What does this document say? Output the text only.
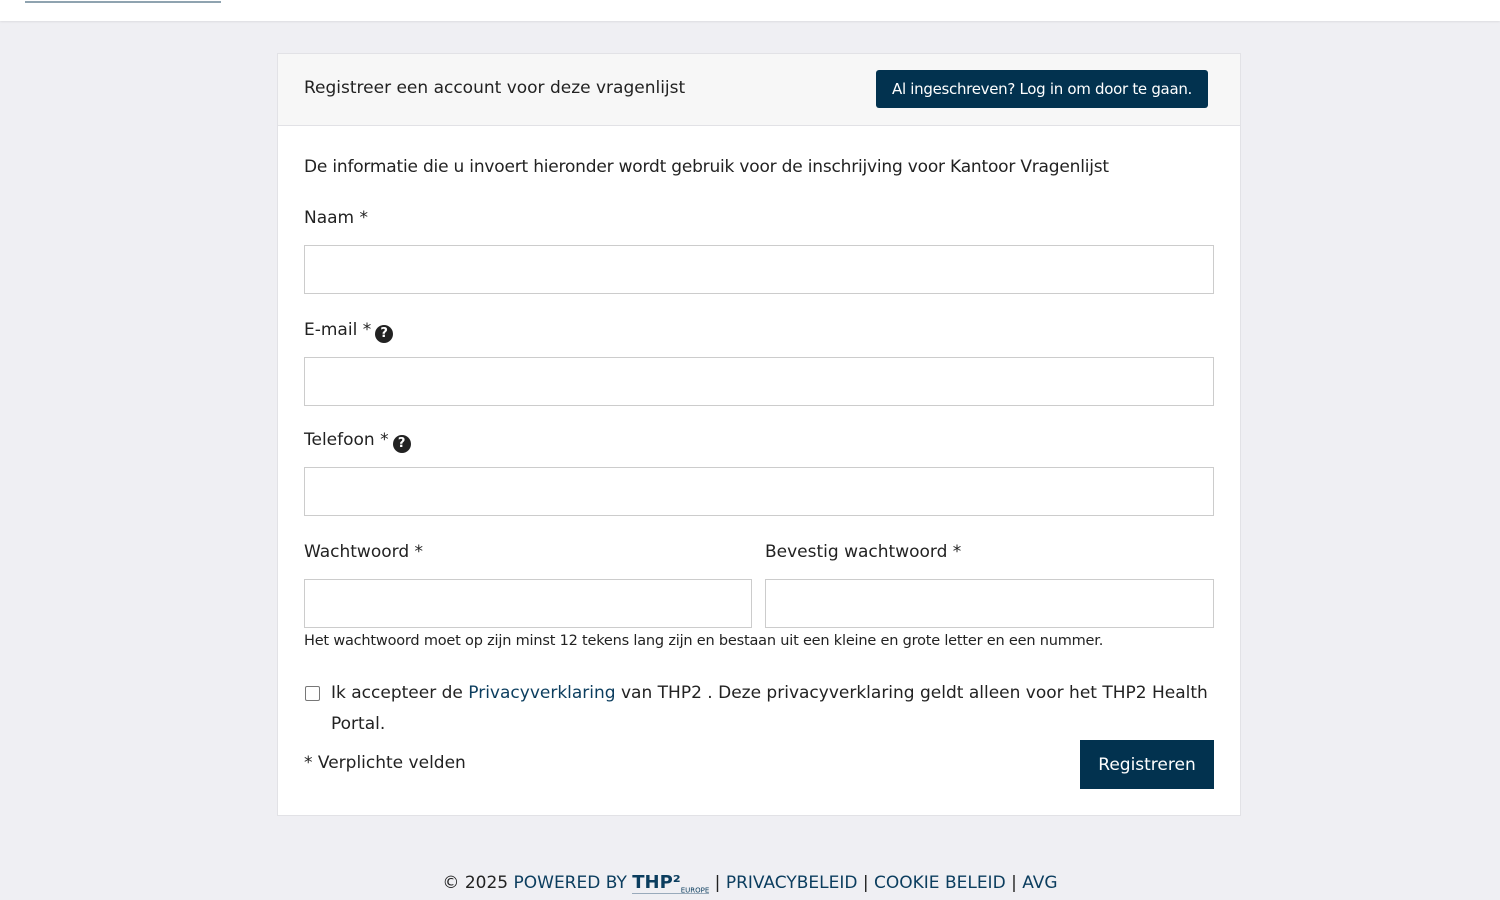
Registreer een account voor deze vragenlijst	Al ingeschreven? Log in om door te gaan.
De informatie die u invoert hieronder wordt gebruik voor de inschrijving voor Kantoor Vragenlijst
Naam *
E-mail * ?
Telefoon * ?
Wachtwoord *	Bevestig wachtwoord *
Het wachtwoord moet op zijn minst 12 tekens lang zijn en bestaan uit een kleine en grote letter en een nummer.
Ik accepteer de Privacyverklaring van THP2 . Deze privacyverklaring geldt alleen voor het THP2 Health Portal.
* Verplichte velden	Registreren
© 2025 POWERED BY $THP^2_{EUROPE}$ | PRIVACYBELEID | COOKIE BELEID | AVG
